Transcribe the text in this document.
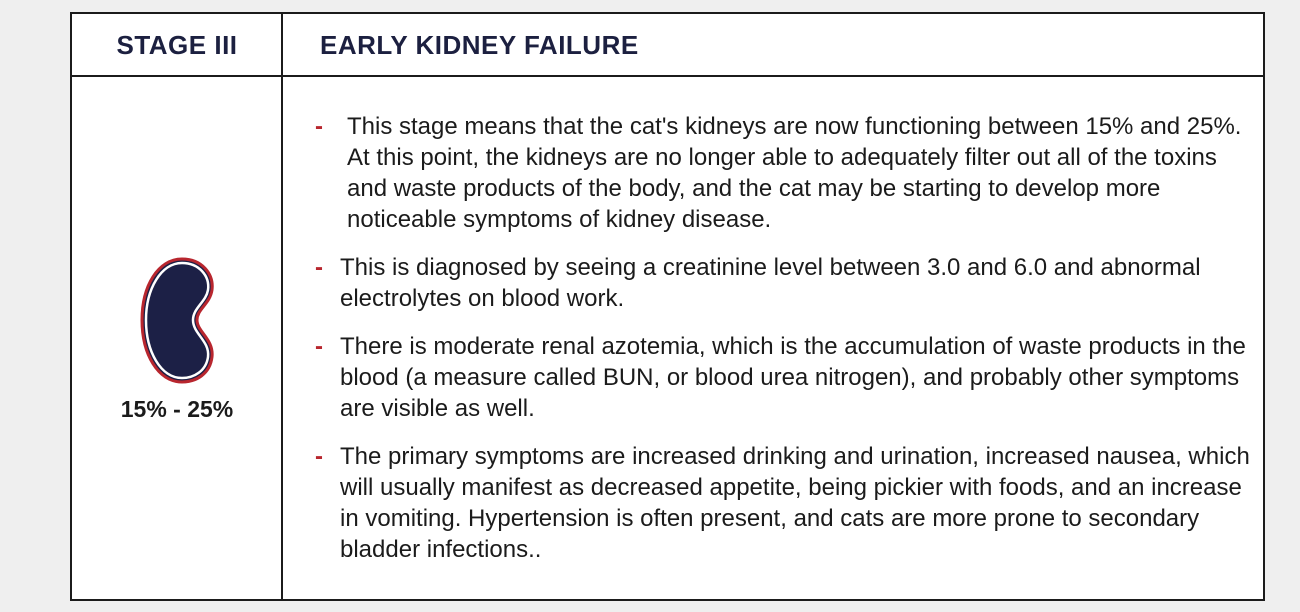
STAGE III	EARLY KIDNEY FAILURE
15% - 25%
- This stage means that the cat's kidneys are now functioning between 15% and 25%. At this point, the kidneys are no longer able to adequately filter out all of the toxins and waste products of the body, and the cat may be starting to develop more noticeable symptoms of kidney disease.
- This is diagnosed by seeing a creatinine level between 3.0 and 6.0 and abnormal electrolytes on blood work.
- There is moderate renal azotemia, which is the accumulation of waste products in the blood (a measure called BUN, or blood urea nitrogen), and probably other symptoms are visible as well.
- The primary symptoms are increased drinking and urination, increased nausea, which will usually manifest as decreased appetite, being pickier with foods, and an increase in vomiting. Hypertension is often present, and cats are more prone to secondary bladder infections..
